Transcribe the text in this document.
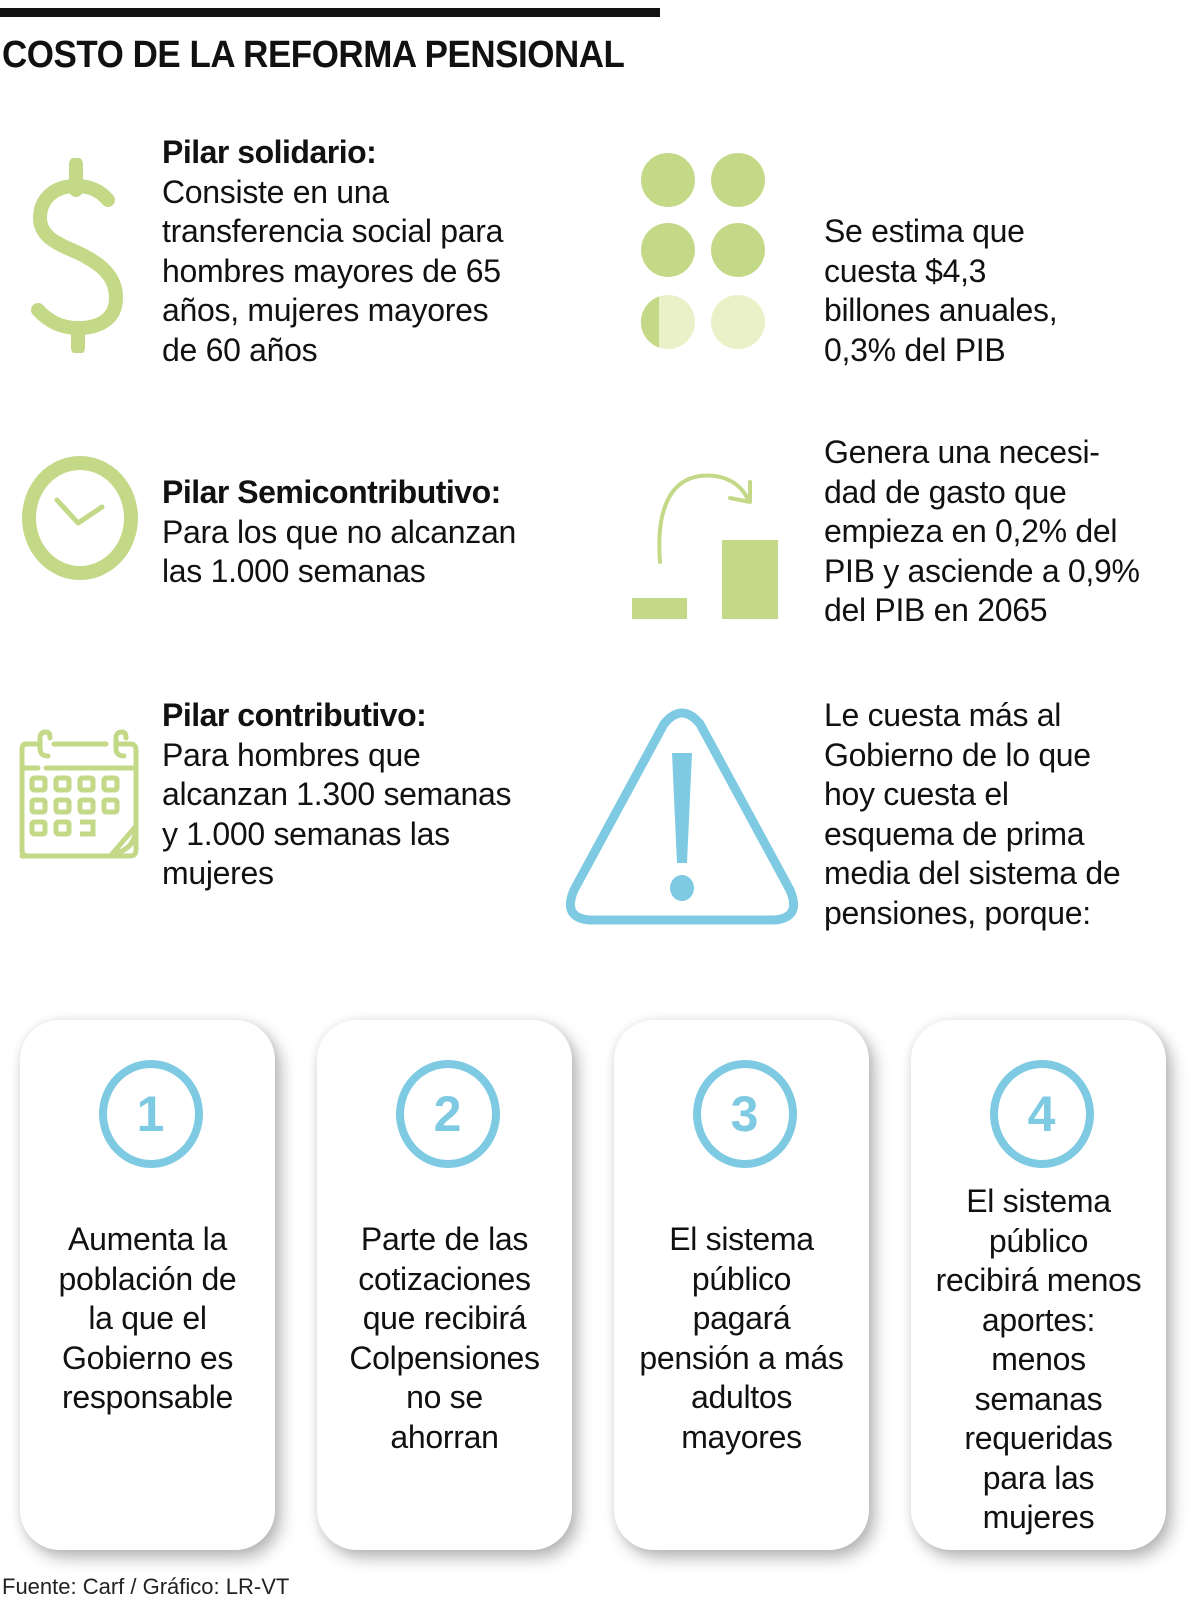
COSTO DE LA REFORMA PENSIONAL
Pilar solidario:
Consiste en una
transferencia social para
hombres mayores de 65
años, mujeres mayores
de 60 años
Pilar Semicontributivo:
Para los que no alcanzan
las 1.000 semanas
Pilar contributivo:
Para hombres que
alcanzan 1.300 semanas
y 1.000 semanas las
mujeres
Se estima que
cuesta $4,3
billones anuales,
0,3% del PIB
Genera una necesi-
dad de gasto que
empieza en 0,2% del
PIB y asciende a 0,9%
del PIB en 2065
Le cuesta más al
Gobierno de lo que
hoy cuesta el
esquema de prima
media del sistema de
pensiones, porque:
1
Aumenta la
población de
la que el
Gobierno es
responsable
2
Parte de las
cotizaciones
que recibirá
Colpensiones
no se
ahorran
3
El sistema
público
pagará
pensión a más
adultos
mayores
4
El sistema
público
recibirá menos
aportes:
menos
semanas
requeridas
para las
mujeres
Fuente: Carf / Gráfico: LR-VT
